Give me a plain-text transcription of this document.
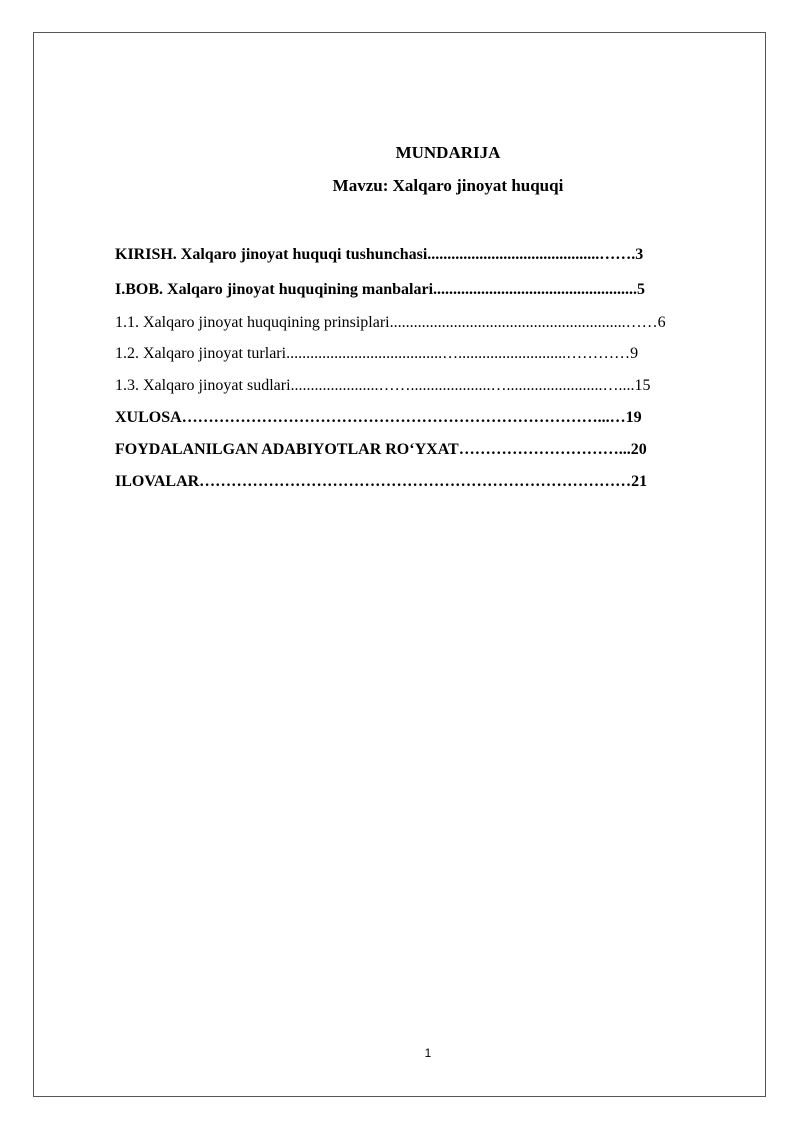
MUNDARIJA
Mavzu: Xalqaro jinoyat huquqi
KIRISH. Xalqaro jinoyat huquqi tushunchasi...........................................…….3
I.BOB. Xalqaro jinoyat huquqining manbalari...................................................5
1.1. Xalqaro jinoyat huquqining prinsiplari...........................................................……6
1.2. Xalqaro jinoyat turlari.......................................…...........................…………9
1.3. Xalqaro jinoyat sudlari......................……....................…........................…....15
XULOSA……………………………………………………………………...…19
FOYDALANILGAN ADABIYOTLAR RO‘YXAT…………………………...20
ILOVALAR………………………………………………………………………21
1
